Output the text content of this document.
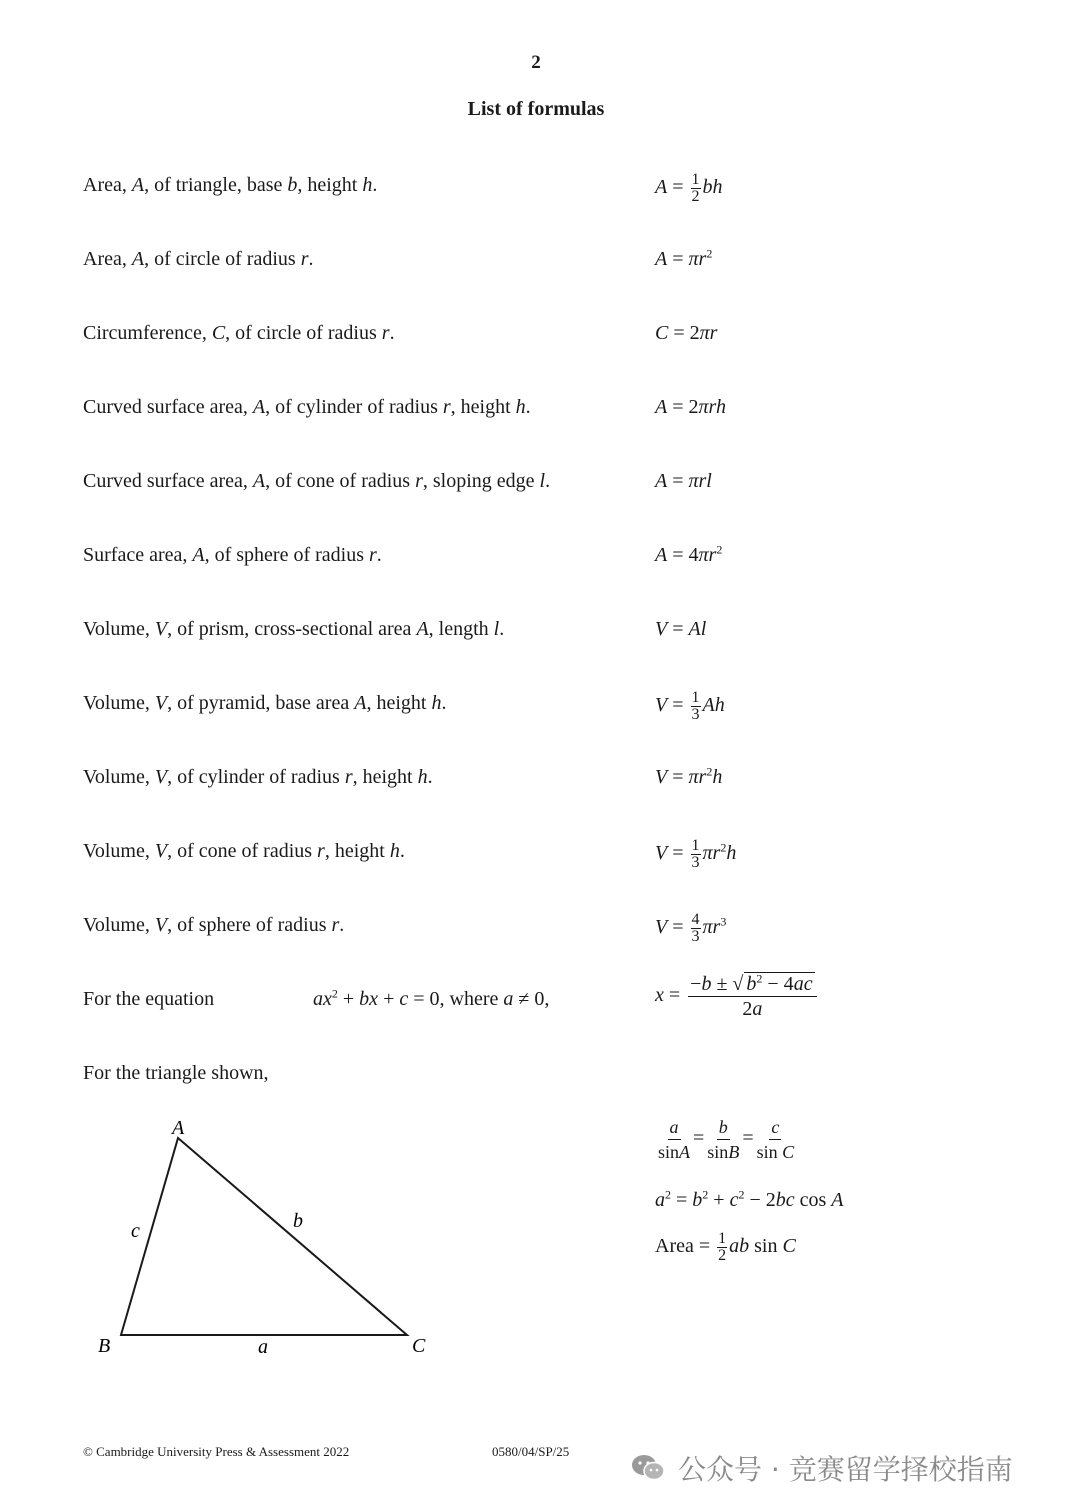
2
List of formulas
Area, A, of triangle, base b, height h.	$A = \frac{1}{2}$ bh
Area, A, of circle of radius r.	$A = \pi r^2$
Circumference, C, of circle of radius r.	C = 2πr
Curved surface area, A, of cylinder of radius r, height h.	A = 2πrh
Curved surface area, A, of cone of radius r, sloping edge l.	A = πrl
Surface area, A, of sphere of radius r.	$A = 4\pi r^2$
Volume, V, of prism, cross-sectional area A, length l.	V = Al
Volume, V, of pyramid, base area A, height h.	$V = \frac{1}{3}$ Ah
Volume, V, of cylinder of radius r, height h.	$V = \pi r^2h$
Volume, V, of cone of radius r, height h.	$V = \frac{1}{3} \pi r^2h$
Volume, V, of sphere of radius r.	$V = \frac{4}{3} \pi r^3$
For the equation	$ax^2$ + bx + c = 0, where a ≠ 0,	$x = \frac{-b \pm √ b^2 - 4ac}{2a}$
For the triangle shown,
A
B	C
a
b
c
$\frac{a}{\sin A} = \frac{b}{\sin B} = \frac{c}{\text{sin C}}$
$a^2 = b^2 + c^2 - 2bc$ cos A
Area = $\frac{1}{2}$ ab sin C
© Cambridge University Press & Assessment 2022	0580/04/SP/25
公众号 · 竞赛留学择校指南
